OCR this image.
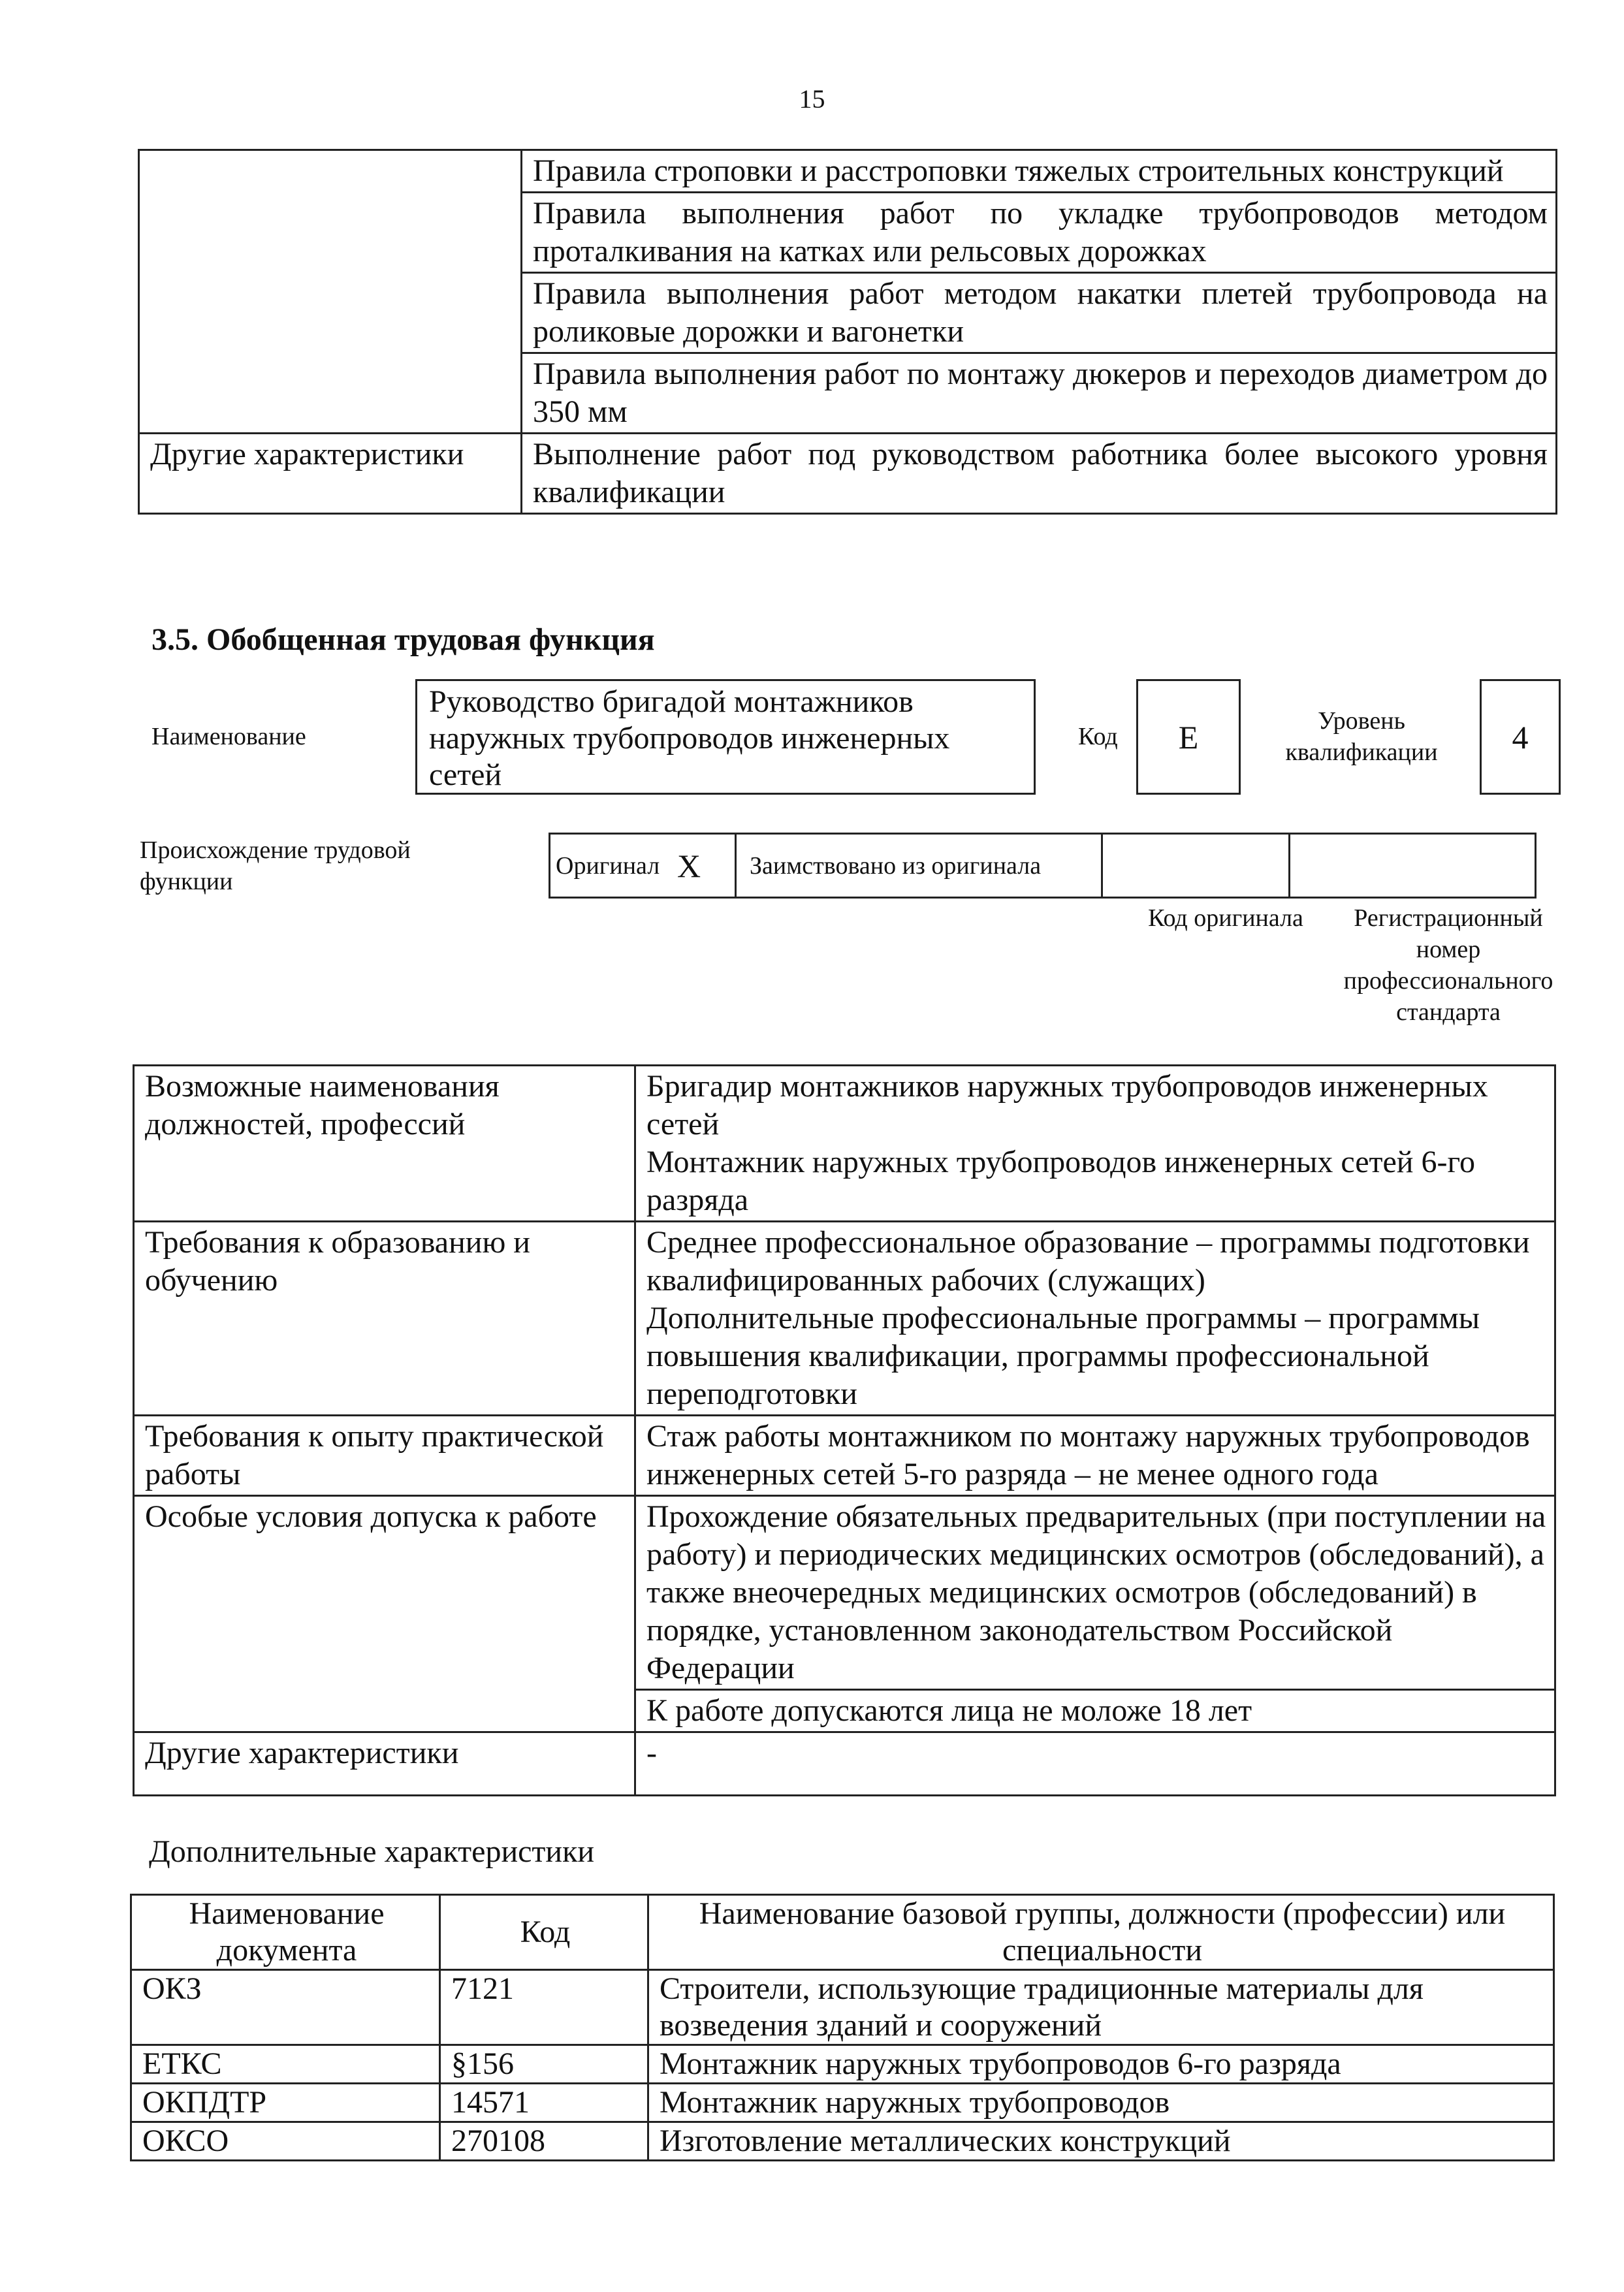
15
	Правила строповки и расстроповки тяжелых строительных конструкций
	Правила выполнения работ по укладке трубопроводов методом проталкивания на катках или рельсовых дорожках
	Правила выполнения работ методом накатки плетей трубопровода на роликовые дорожки и вагонетки
	Правила выполнения работ по монтажу дюкеров и переходов диаметром до 350 мм
Другие характеристики	Выполнение работ под руководством работника более высокого уровня квалификации
3.5. Обобщенная трудовая функция
Наименование
Руководство бригадой монтажников наружных трубопроводов инженерных сетей
Код	E	Уровень
квалификации	4
Происхождение трудовой
функции
Оригинал	X	Заимствовано из оригинала		
Код оригинала	Регистрационный
номер
профессионального
стандарта
Возможные наименования должностей, профессий	Бригадир монтажников наружных трубопроводов инженерных сетей
Монтажник наружных трубопроводов инженерных сетей 6-го разряда

Требования к образованию и обучению	Среднее профессиональное образование – программы подготовки квалифицированных рабочих (служащих)
Дополнительные профессиональные программы – программы повышения квалификации, программы профессиональной переподготовки

Требования к опыту практической работы	Стаж работы монтажником по монтажу наружных трубопроводов инженерных сетей 5-го разряда – не менее одного года
Особые условия допуска к работе	Прохождение обязательных предварительных (при поступлении на работу) и периодических медицинских осмотров (обследований), а также внеочередных медицинских осмотров (обследований) в порядке, установленном законодательством Российской Федерации
	К работе допускаются лица не моложе 18 лет
Другие характеристики	-
Дополнительные характеристики
Наименование документа	Код	Наименование базовой группы, должности (профессии) или специальности
ОКЗ	7121	Строители, использующие традиционные материалы для возведения зданий и сооружений
ЕТКС	§156	Монтажник наружных трубопроводов 6-го разряда
ОКПДТР	14571	Монтажник наружных трубопроводов
ОКСО	270108	Изготовление металлических конструкций
